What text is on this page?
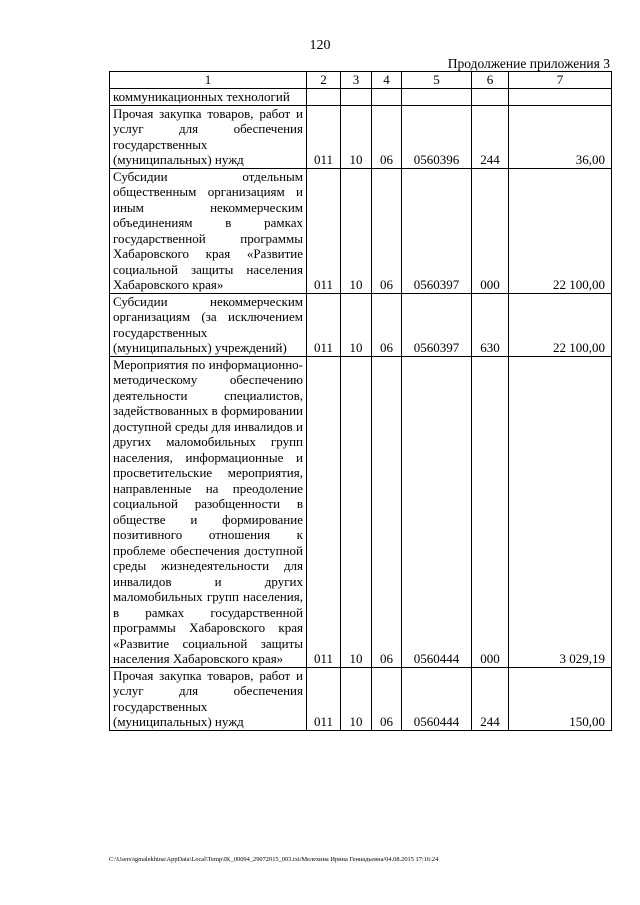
120
Продолжение приложения 3
1	2	3	4	5	6	7
коммуникационных технологий						
Прочая закупка товаров, работ и услуг для обеспечения государственных (муниципальных) нужд	011	10	06	0560396	244	36,00
Субсидии отдельным общественным организациям и иным некоммерческим объединениям в рамках государственной программы Хабаровского края «Развитие социальной защиты населения Хабаровского края»	011	10	06	0560397	000	22 100,00
Субсидии некоммерческим организациям (за исключением государственных (муниципальных) учреждений)	011	10	06	0560397	630	22 100,00
Мероприятия по информационно-методическому обеспечению деятельности специалистов, задействованных в формировании доступной среды для инвалидов и других маломобильных групп населения, информационные и просветительские мероприятия, направленные на преодоление социальной разобщенности в обществе и формирование позитивного отношения к проблеме обеспечения доступной среды жизнедеятельности для инвалидов и других маломобильных групп населения, в рамках государственной программы Хабаровского края «Развитие социальной защиты населения Хабаровского края»	011	10	06	0560444	000	3 029,19
Прочая закупка товаров, работ и услуг для обеспечения государственных (муниципальных) нужд	011	10	06	0560444	244	150,00
C:\Users\igmalekhina\AppData\Local\Temp\IK_00094_29072015_003.txt/Мелехина Ирина Геннадьевна/04.08.2015 17:16:24
